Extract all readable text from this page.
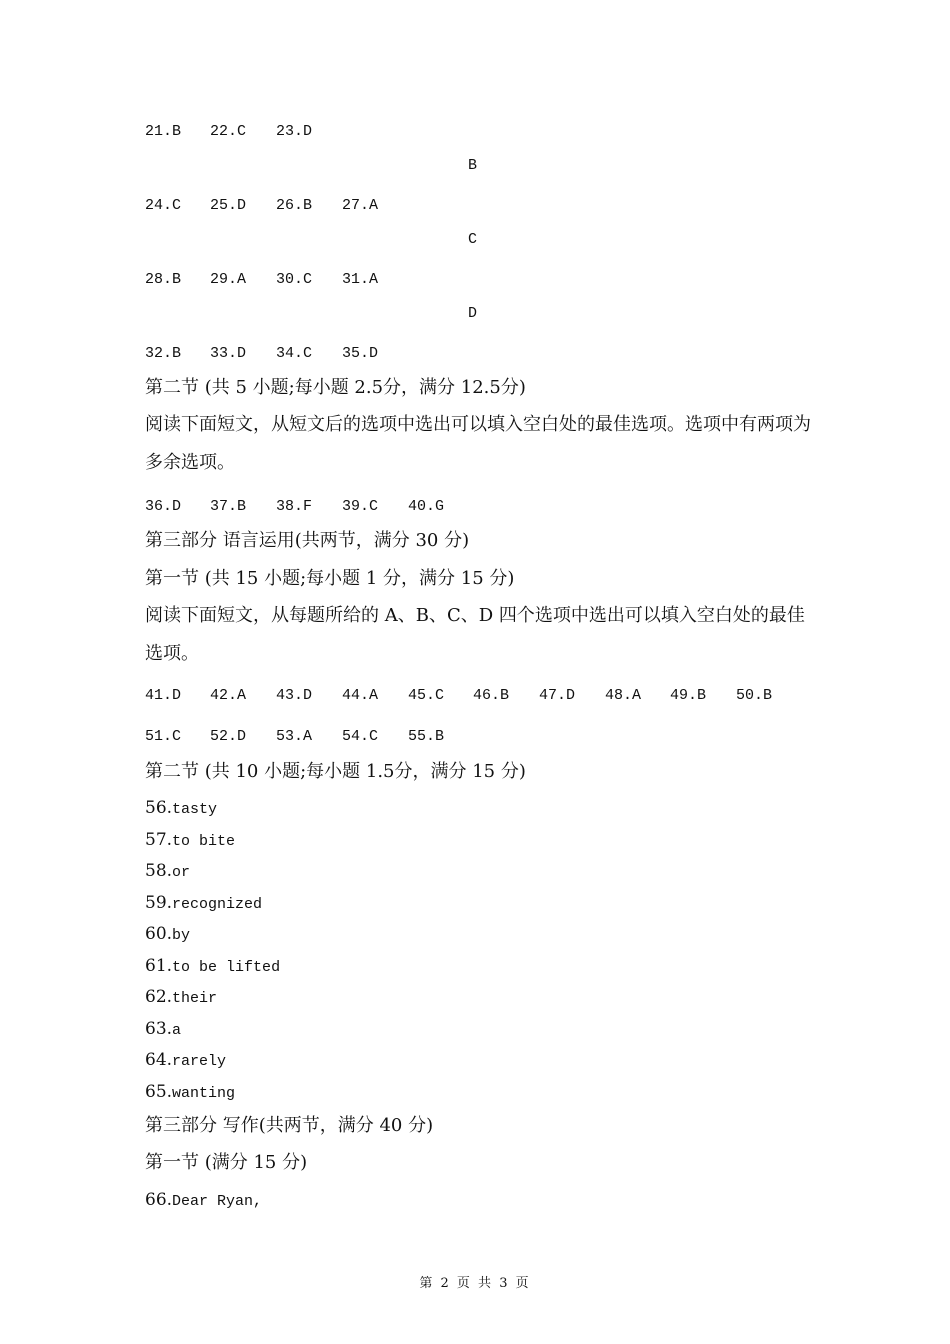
21.B 22.C 23.D
B
24.C 25.D 26.B 27.A
C
28.B 29.A 30.C 31.A
D
32.B 33.D 34.C 35.D
第二节 (共 5 小题;每小题 2.5分，满分 12.5分)
阅读下面短文，从短文后的选项中选出可以填入空白处的最佳选项。选项中有两项为多余选项。
36.D 37.B 38.F 39.C 40.G
第三部分 语言运用(共两节，满分 30 分)
第一节 (共 15 小题;每小题 1 分，满分 15 分)
阅读下面短文，从每题所给的 A、B、C、D 四个选项中选出可以填入空白处的最佳选项。
41.D 42.A 43.D 44.A 45.C 46.B 47.D 48.A 49.B 50.B
51.C 52.D 53.A 54.C 55.B
第二节 (共 10 小题;每小题 1.5分，满分 15 分)
56.tasty
57.to bite
58.or
59.recognized
60.by
61.to be lifted
62.their
63.a
64.rarely
65.wanting
第三部分 写作(共两节，满分 40 分)
第一节 (满分 15 分)
66.Dear Ryan,
第 2 页 共 3 页
